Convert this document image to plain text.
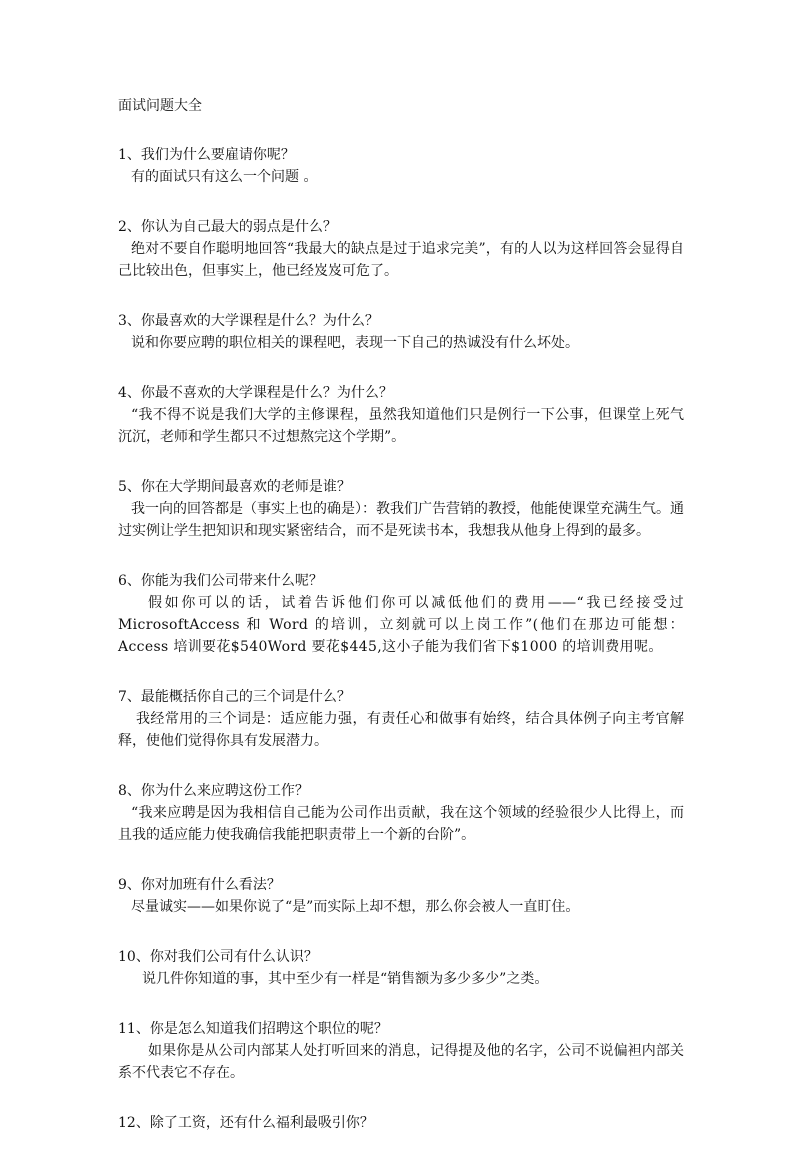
面试问题大全
1、我们为什么要雇请你呢？
有的面试只有这么一个问题 。
2、你认为自己最大的弱点是什么？
绝对不要自作聪明地回答“我最大的缺点是过于追求完美”，有的人以为这样回答会显得自己比较出色，但事实上，他已经岌岌可危了。
3、你最喜欢的大学课程是什么？为什么？
说和你要应聘的职位相关的课程吧，表现一下自己的热诚没有什么坏处。
4、你最不喜欢的大学课程是什么？为什么？
“我不得不说是我们大学的主修课程，虽然我知道他们只是例行一下公事，但课堂上死气沉沉，老师和学生都只不过想熬完这个学期”。
5、你在大学期间最喜欢的老师是谁？
我一向的回答都是（事实上也的确是）：教我们广告营销的教授，他能使课堂充满生气。通过实例让学生把知识和现实紧密结合，而不是死读书本，我想我从他身上得到的最多。
6、你能为我们公司带来什么呢？
假如你可以的话，试着告诉他们你可以减低他们的费用——“我已经接受过MicrosoftAccess 和 Word 的培训，立刻就可以上岗工作”(他们在那边可能想：Access 培训要花$540Word 要花$445,这小子能为我们省下$1000 的培训费用呢。
7、最能概括你自己的三个词是什么？
我经常用的三个词是：适应能力强，有责任心和做事有始终，结合具体例子向主考官解释，使他们觉得你具有发展潜力。
8、你为什么来应聘这份工作？
“我来应聘是因为我相信自己能为公司作出贡献，我在这个领域的经验很少人比得上，而且我的适应能力使我确信我能把职责带上一个新的台阶”。
9、你对加班有什么看法？
尽量诚实——如果你说了“是”而实际上却不想，那么你会被人一直盯住。
10、你对我们公司有什么认识？
说几件你知道的事，其中至少有一样是“销售额为多少多少”之类。
11、你是怎么知道我们招聘这个职位的呢？
如果你是从公司内部某人处打听回来的消息，记得提及他的名字，公司不说偏袒内部关系不代表它不存在。
12、除了工资，还有什么福利最吸引你？
